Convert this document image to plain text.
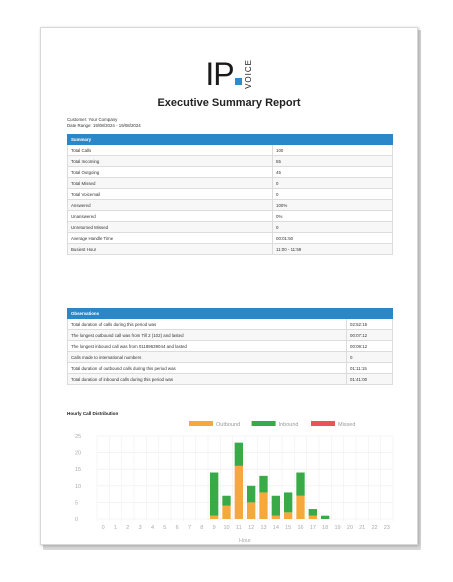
IP VOICE
Executive Summary Report
Customer: Your Company
Date Range: 19/08/2024 - 19/08/2024
Summary	
Total Calls	100
Total Incoming	55
Total Outgoing	45
Total Missed	0
Total Voicemail	0
Answered	100%
Unanswered	0%
Unreturned Missed	0
Average Handle Time	00:01:50
Busiest Hour	11:00 - 11:59
Observations	
Total duration of calls during this period was	02:52:15
The longest outbound call was from Till 2 (102) and lasted	00:07:12
The longest inbound call was from 01189639044 and lasted	00:09:12
Calls made to international numbers	0
Total duration of outbound calls during this period was	01:11:15
Total duration of inbound calls during this period was	01:41:00
Hourly Call Distribution
Outbound	Inbound	Missed
0
5
10
15
20
25
0 1 2 3 4 5 6 7 8 9 10 11 12 13 14 15 16 17 18 19 20 21 22 23
Hour
